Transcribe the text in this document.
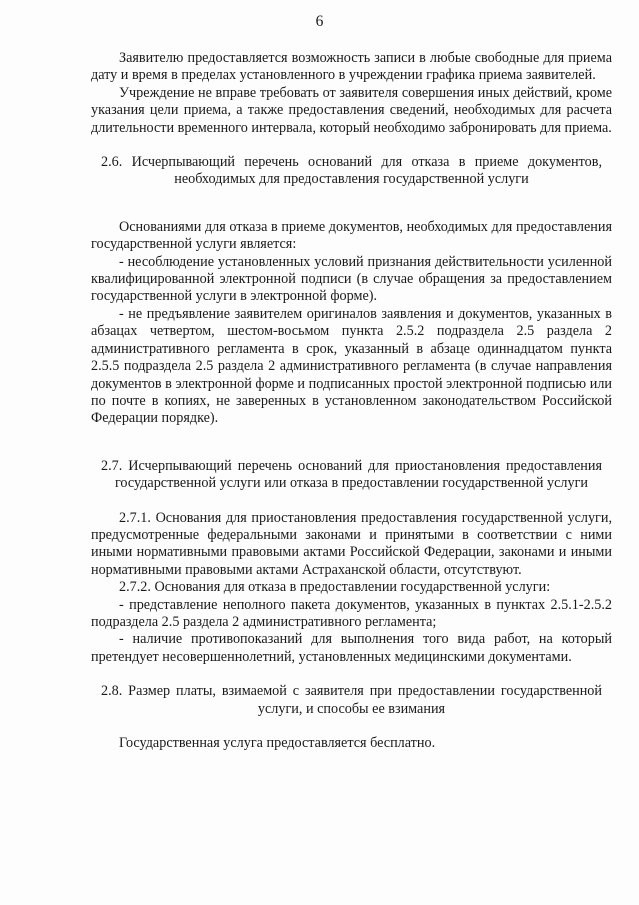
6

Заявителю предоставляется возможность записи в любые свободные для приема дату и время в пределах установленного в учреждении графика приема заявителей.

Учреждение не вправе требовать от заявителя совершения иных действий, кроме указания цели приема, а также предоставления сведений, необходимых для расчета длительности временного интервала, который необходимо забронировать для приема.

2.6. Исчерпывающий перечень оснований для отказа в приеме документов, необходимых для предоставления государственной услуги

Основаниями для отказа в приеме документов, необходимых для предоставления государственной услуги является:

- несоблюдение установленных условий признания действительности усиленной квалифицированной электронной подписи (в случае обращения за предоставлением государственной услуги в электронной форме).

- не предъявление заявителем оригиналов заявления и документов, указанных в абзацах четвертом, шестом-восьмом пункта 2.5.2 подраздела 2.5 раздела 2 административного регламента в срок, указанный в абзаце одиннадцатом пункта 2.5.5 подраздела 2.5 раздела 2 административного регламента (в случае направления документов в электронной форме и подписанных простой электронной подписью или по почте в копиях, не заверенных в установленном законодательством Российской Федерации порядке).

2.7. Исчерпывающий перечень оснований для приостановления предоставления государственной услуги или отказа в предоставлении государственной услуги

2.7.1. Основания для приостановления предоставления государственной услуги, предусмотренные федеральными законами и принятыми в соответствии с ними иными нормативными правовыми актами Российской Федерации, законами и иными нормативными правовыми актами Астраханской области, отсутствуют.

2.7.2. Основания для отказа в предоставлении государственной услуги:

- представление неполного пакета документов, указанных в пунктах 2.5.1-2.5.2 подраздела 2.5 раздела 2 административного регламента;

- наличие противопоказаний для выполнения того вида работ, на который претендует несовершеннолетний, установленных медицинскими документами.

2.8. Размер платы, взимаемой с заявителя при предоставлении государственной услуги, и способы ее взимания

Государственная услуга предоставляется бесплатно.
